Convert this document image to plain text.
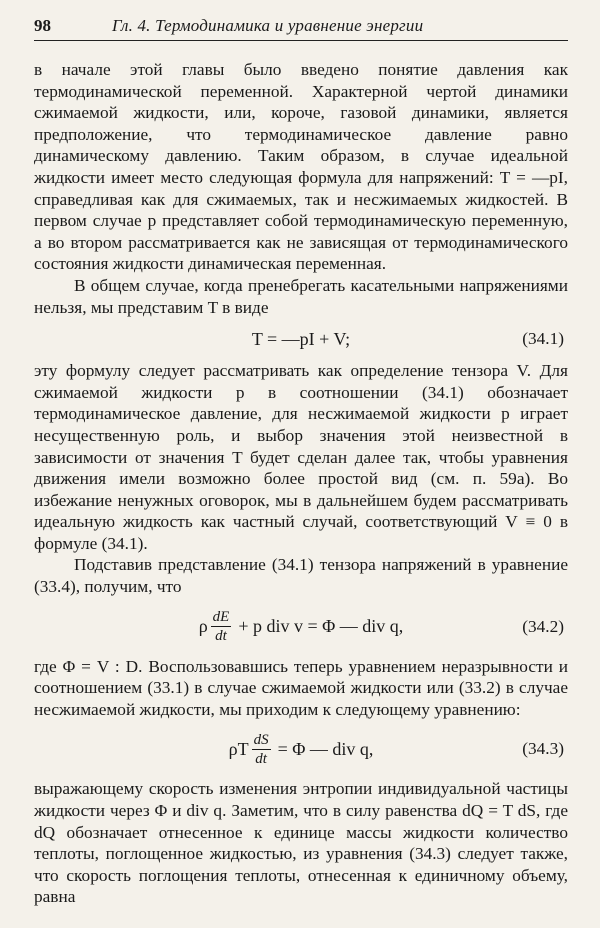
98	Гл. 4. Термодинамика и уравнение энергии

в начале этой главы было введено понятие давления как термодинамической переменной. Характерной чертой динамики сжимаемой жидкости, или, короче, газовой динамики, является предположение, что термодинамическое давление равно динамическому давлению. Таким образом, в случае идеальной жидкости имеет место следующая формула для напряжений: T = —pI, справедливая как для сжимаемых, так и несжимаемых жидкостей. В первом случае p представляет собой термодинамическую переменную, а во втором рассматривается как не зависящая от термодинамического состояния жидкости динамическая переменная.

В общем случае, когда пренебрегать касательными напряжениями нельзя, мы представим T в виде

T = —pI + V;	(34.1)

эту формулу следует рассматривать как определение тензора V. Для сжимаемой жидкости p в соотношении (34.1) обозначает термодинамическое давление, для несжимаемой жидкости p играет несущественную роль, и выбор значения этой неизвестной в зависимости от значения T будет сделан далее так, чтобы уравнения движения имели возможно более простой вид (см. п. 59а). Во избежание ненужных оговорок, мы в дальнейшем будем рассматривать идеальную жидкость как частный случай, соответствующий V ≡ 0 в формуле (34.1).

Подставив представление (34.1) тензора напряжений в уравнение (33.4), получим, что

ρ $\frac{dE}{dt} + p$ div v = Φ — div q,	(34.2)

где Φ = V : D. Воспользовавшись теперь уравнением неразрывности и соотношением (33.1) в случае сжимаемой жидкости или (33.2) в случае несжимаемой жидкости, мы приходим к следующему уравнению:

ρT $\frac{dS}{dt} = \Phi$ — div q,	(34.3)

выражающему скорость изменения энтропии индивидуальной частицы жидкости через Φ и div q. Заметим, что в силу равенства dQ = T dS, где dQ обозначает отнесенное к единице массы жидкости количество теплоты, поглощенное жидкостью, из уравнения (34.3) следует также, что скорость поглощения теплоты, отнесенная к единичному объему, равна
